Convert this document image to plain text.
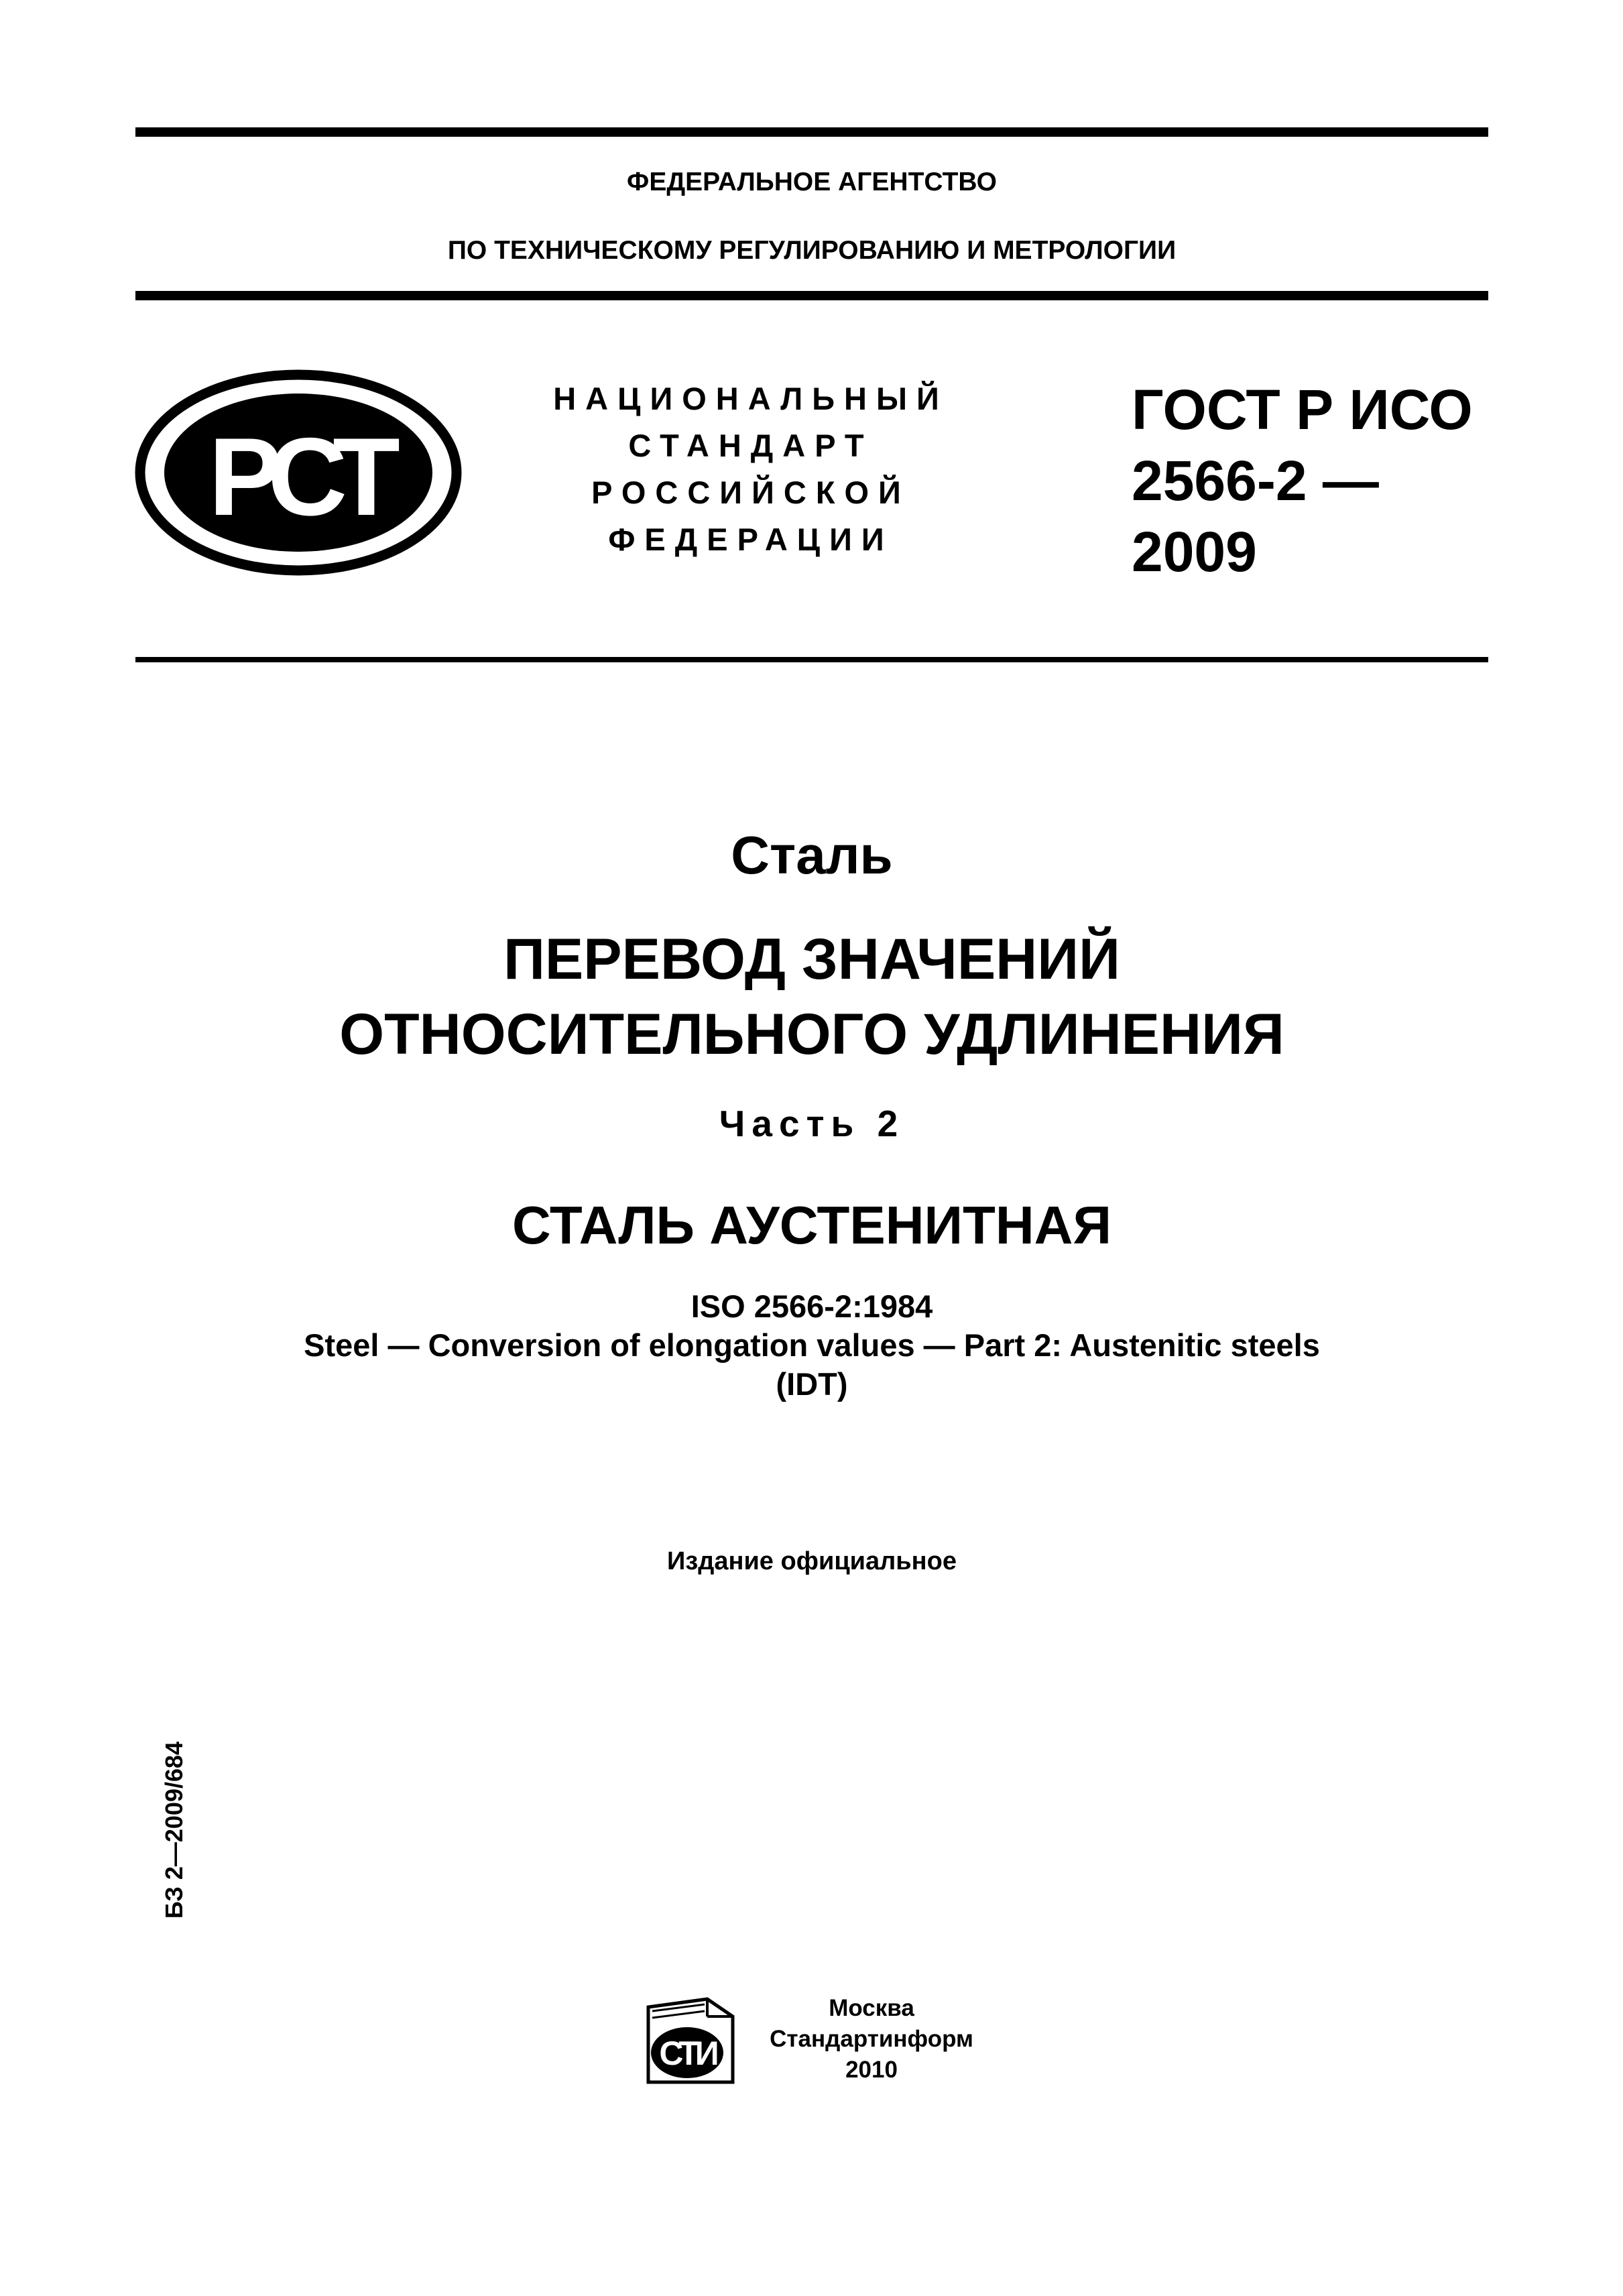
ФЕДЕРАЛЬНОЕ АГЕНТСТВО
ПО ТЕХНИЧЕСКОМУ РЕГУЛИРОВАНИЮ И МЕТРОЛОГИИ
РСТ
НАЦИОНАЛЬНЫЙ
СТАНДАРТ
РОССИЙСКОЙ
ФЕДЕРАЦИИ
ГОСТ Р ИСО
2566-2 —
2009
Сталь
ПЕРЕВОД ЗНАЧЕНИЙ
ОТНОСИТЕЛЬНОГО УДЛИНЕНИЯ
Часть 2
СТАЛЬ АУСТЕНИТНАЯ
ISO 2566-2:1984
Steel — Conversion of elongation values — Part 2: Austenitic steels
(IDT)
Издание официальное
БЗ 2—2009/684
СТИ
Москва
Стандартинформ
2010
